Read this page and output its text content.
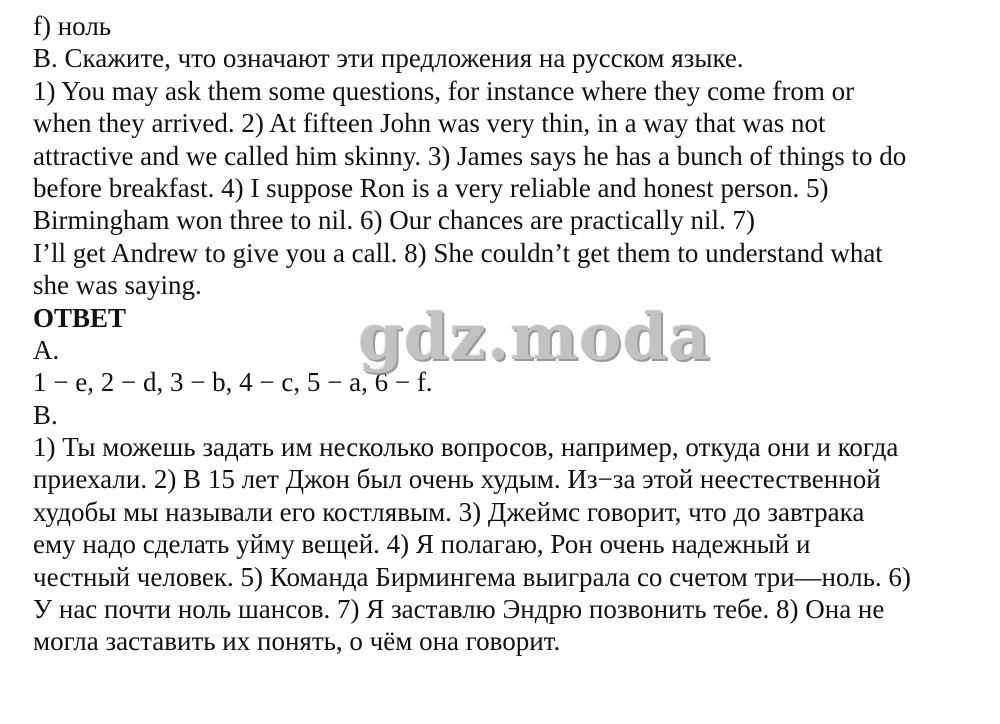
f) ноль
B. Скажите, что означают эти предложения на русском языке.
1) You may ask them some questions, for instance where they come from or
when they arrived. 2) At fifteen John was very thin, in a way that was not
attractive and we called him skinny. 3) James says he has a bunch of things to do
before breakfast. 4) I suppose Ron is a very reliable and honest person. 5)
Birmingham won three to nil. 6) Our chances are practically nil. 7)
I’ll get Andrew to give you a call. 8) She couldn’t get them to understand what
she was saying.
ОТВЕТ
A.
1 − e, 2 − d, 3 − b, 4 − c, 5 − a, 6 − f.
B.
1) Ты можешь задать им несколько вопросов, например, откуда они и когда
приехали. 2) В 15 лет Джон был очень худым. Из−за этой неестественной
худобы мы называли его костлявым. 3) Джеймс говорит, что до завтрака
ему надо сделать уйму вещей. 4) Я полагаю, Рон очень надежный и
честный человек. 5) Команда Бирмингема выиграла со счетом три—ноль. 6)
У нас почти ноль шансов. 7) Я заставлю Эндрю позвонить тебе. 8) Она не
могла заставить их понять, о чём она говорит.
gdz.moda
